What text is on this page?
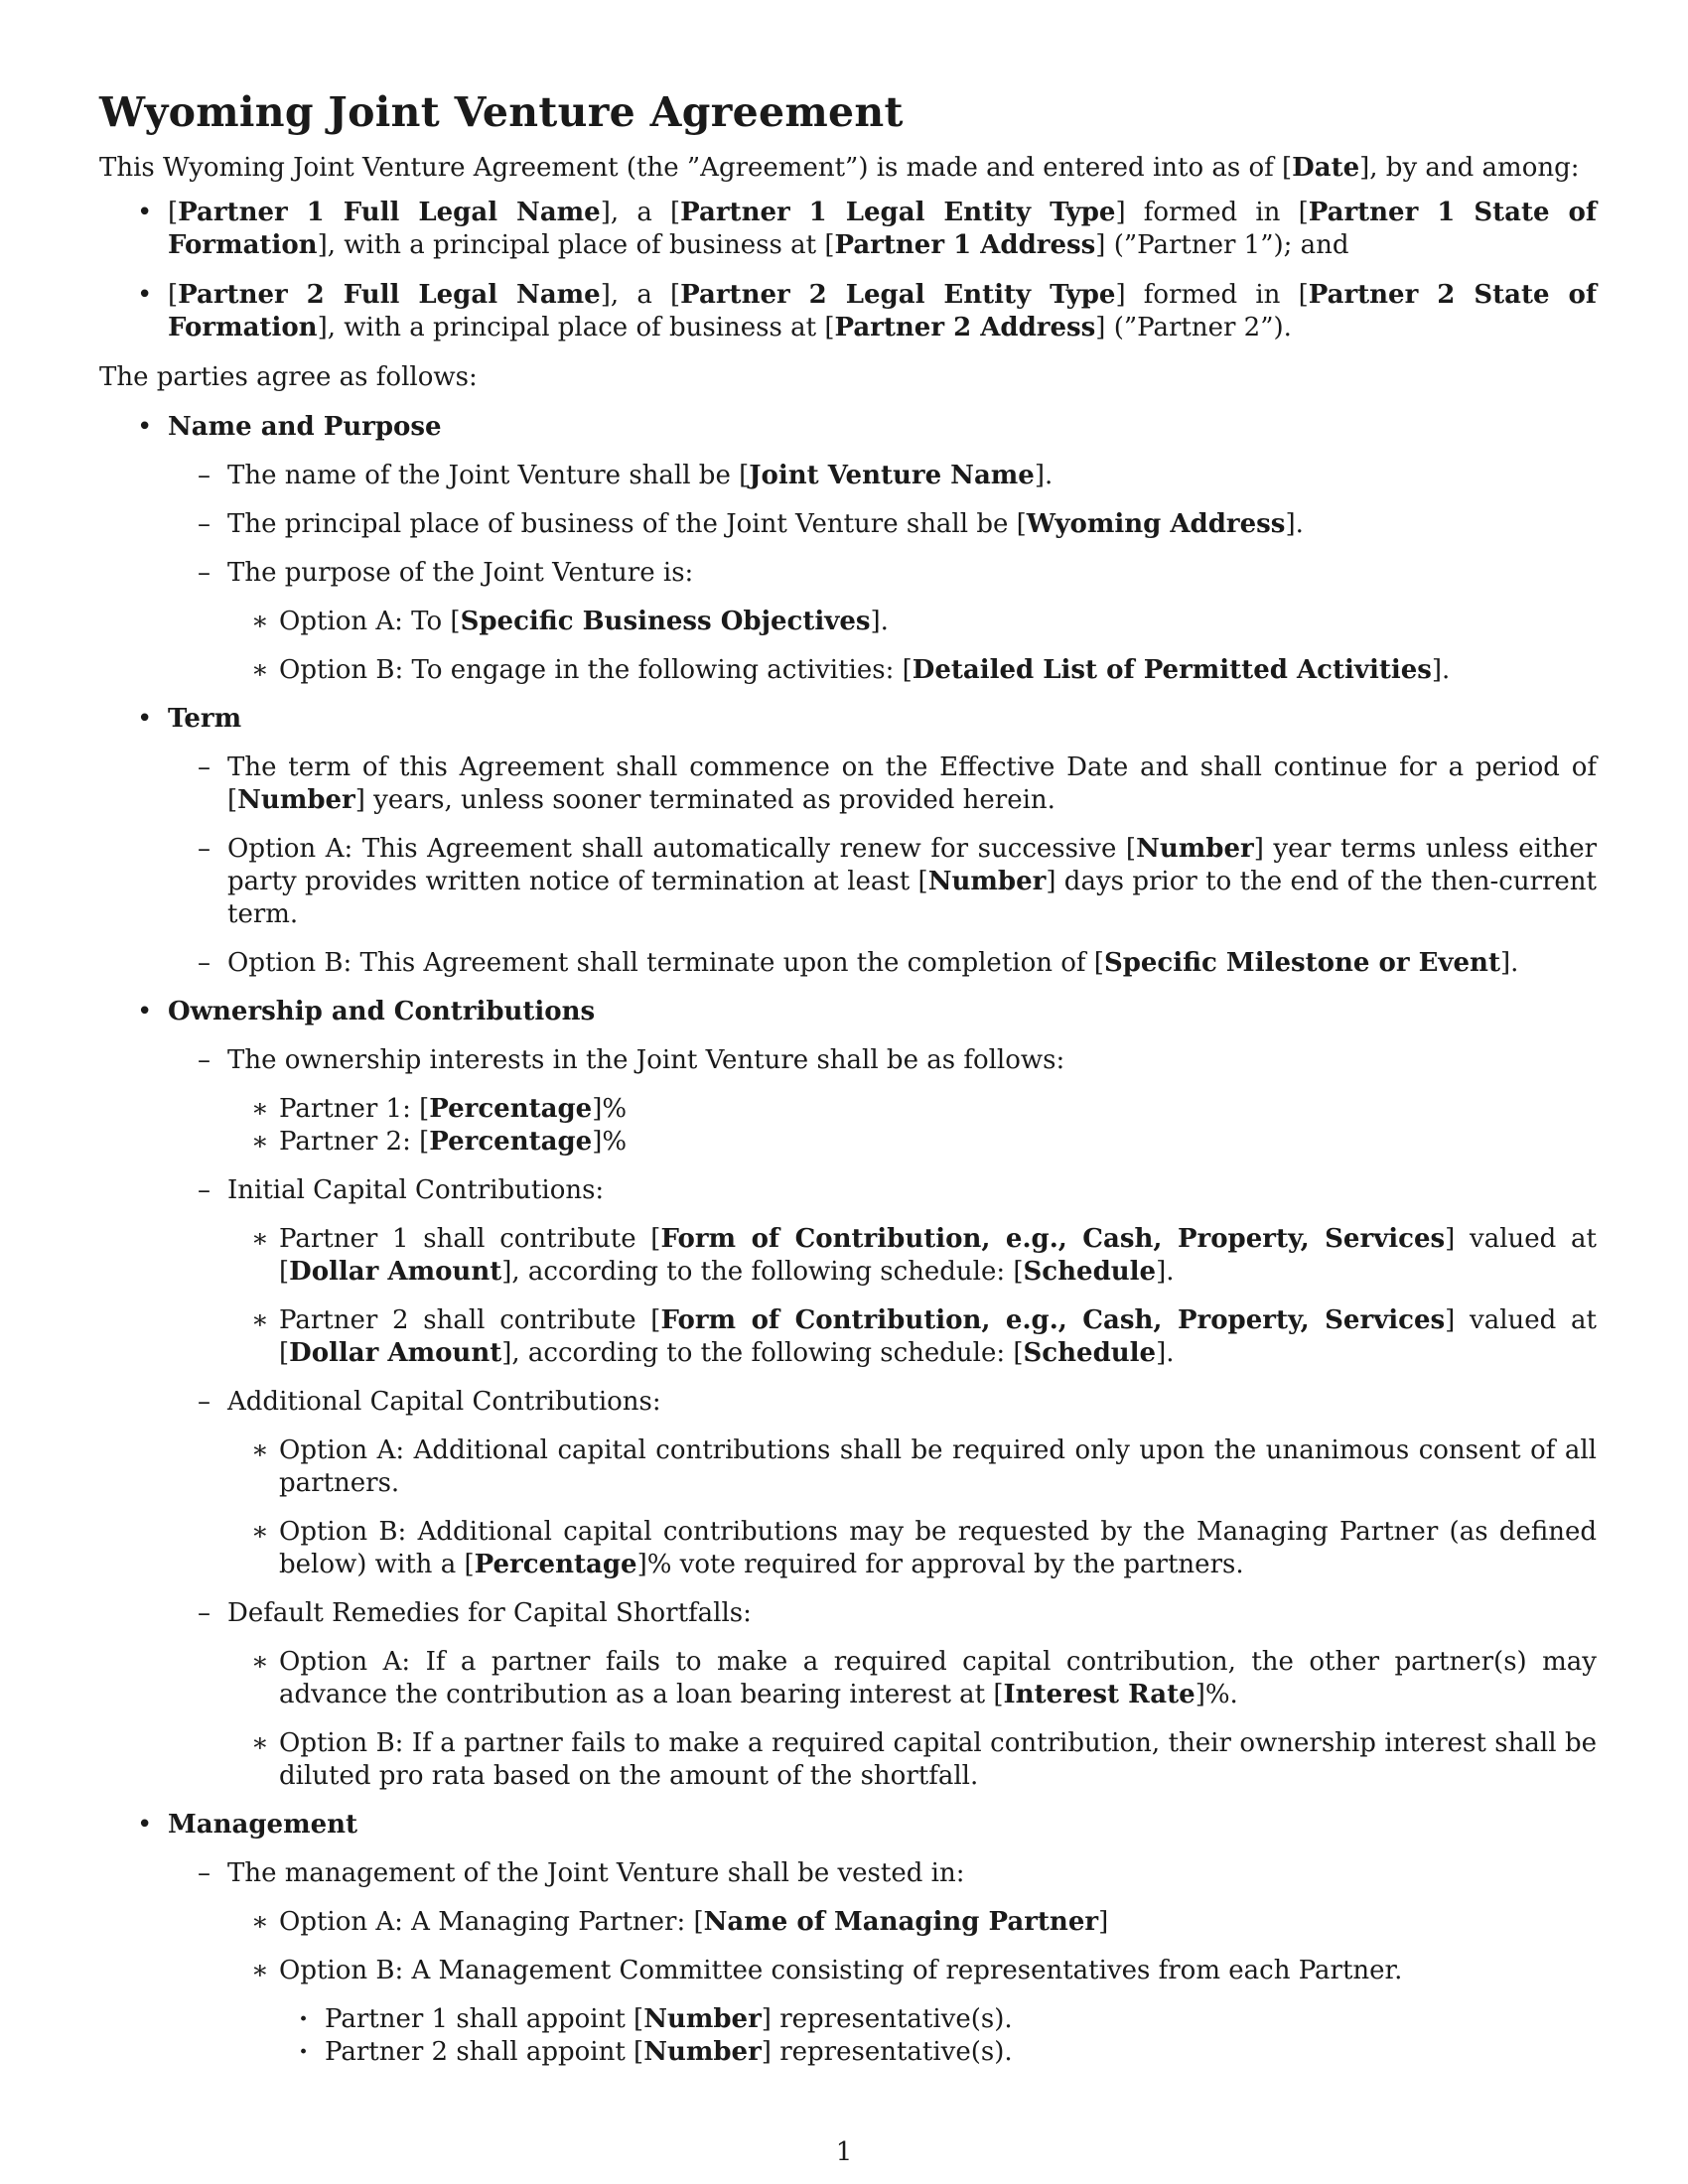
Wyoming Joint Venture Agreement

This Wyoming Joint Venture Agreement (the ”Agreement”) is made and entered into as of [Date], by and among:

• [Partner 1 Full Legal Name], a [Partner 1 Legal Entity Type] formed in [Partner 1 State of Formation], with a principal place of business at [Partner 1 Address] (”Partner 1”); and
• [Partner 2 Full Legal Name], a [Partner 2 Legal Entity Type] formed in [Partner 2 State of Formation], with a principal place of business at [Partner 2 Address] (”Partner 2”).

The parties agree as follows:

• Name and Purpose
– The name of the Joint Venture shall be [Joint Venture Name].
– The principal place of business of the Joint Venture shall be [Wyoming Address].
– The purpose of the Joint Venture is:
∗ Option A: To [Specific Business Objectives].
∗ Option B: To engage in the following activities: [Detailed List of Permitted Activities].
• Term
– The term of this Agreement shall commence on the Effective Date and shall continue for a period of [Number] years, unless sooner terminated as provided herein.
– Option A: This Agreement shall automatically renew for successive [Number] year terms unless either party provides written notice of termination at least [Number] days prior to the end of the then-current term.
– Option B: This Agreement shall terminate upon the completion of [Specific Milestone or Event].
• Ownership and Contributions
– The ownership interests in the Joint Venture shall be as follows:
∗ Partner 1: [Percentage]%
∗ Partner 2: [Percentage]%
– Initial Capital Contributions:
∗ Partner 1 shall contribute [Form of Contribution, e.g., Cash, Property, Services] valued at [Dollar Amount], according to the following schedule: [Schedule].
∗ Partner 2 shall contribute [Form of Contribution, e.g., Cash, Property, Services] valued at [Dollar Amount], according to the following schedule: [Schedule].
– Additional Capital Contributions:
∗ Option A: Additional capital contributions shall be required only upon the unanimous consent of all partners.
∗ Option B: Additional capital contributions may be requested by the Managing Partner (as defined below) with a [Percentage]% vote required for approval by the partners.
– Default Remedies for Capital Shortfalls:
∗ Option A: If a partner fails to make a required capital contribution, the other partner(s) may advance the contribution as a loan bearing interest at [Interest Rate]%.
∗ Option B: If a partner fails to make a required capital contribution, their ownership interest shall be diluted pro rata based on the amount of the shortfall.
• Management
– The management of the Joint Venture shall be vested in:
∗ Option A: A Managing Partner: [Name of Managing Partner]
∗ Option B: A Management Committee consisting of representatives from each Partner.
· Partner 1 shall appoint [Number] representative(s).
· Partner 2 shall appoint [Number] representative(s).
1
